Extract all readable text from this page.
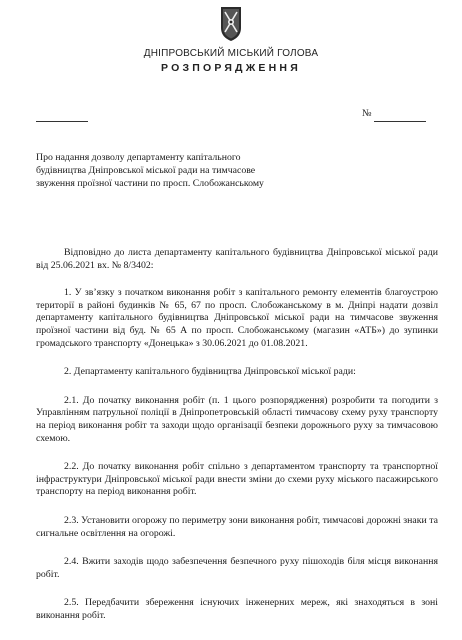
ДНІПРОВСЬКИЙ МІСЬКИЙ ГОЛОВА
РОЗПОРЯДЖЕННЯ
№
Про надання дозволу департаменту капітального будівництва Дніпровської міської ради на тимчасове звуження проїзної частини по просп. Слобожанському

Відповідно до листа департаменту капітального будівництва Дніпровської міської ради від 25.06.2021 вх. № 8/3402:

1. У зв’язку з початком виконання робіт з капітального ремонту елементів благоустрою території в районі будинків № 65, 67 по просп. Слобожанському в м. Дніпрі надати дозвіл департаменту капітального будівництва Дніпровської міської ради на тимчасове звуження проїзної частини від буд. № 65 А по просп. Слобожанському (магазин «АТБ») до зупинки громадського транспорту «Донецька» з 30.06.2021 до 01.08.2021.

2. Департаменту капітального будівництва Дніпровської міської ради:

2.1. До початку виконання робіт (п. 1 цього розпорядження) розробити та погодити з Управлінням патрульної поліції в Дніпропетровській області тимчасову схему руху транспорту на період виконання робіт та заходи щодо організації безпеки дорожнього руху за тимчасовою схемою.

2.2. До початку виконання робіт спільно з департаментом транспорту та транспортної інфраструктури Дніпровської міської ради внести зміни до схеми руху міського пасажирського транспорту на період виконання робіт.

2.3. Установити огорожу по периметру зони виконання робіт, тимчасові дорожні знаки та сигнальне освітлення на огорожі.

2.4. Вжити заходів щодо забезпечення безпечного руху пішоходів біля місця виконання робіт.

2.5. Передбачити збереження існуючих інженерних мереж, які знаходяться в зоні виконання робіт.
